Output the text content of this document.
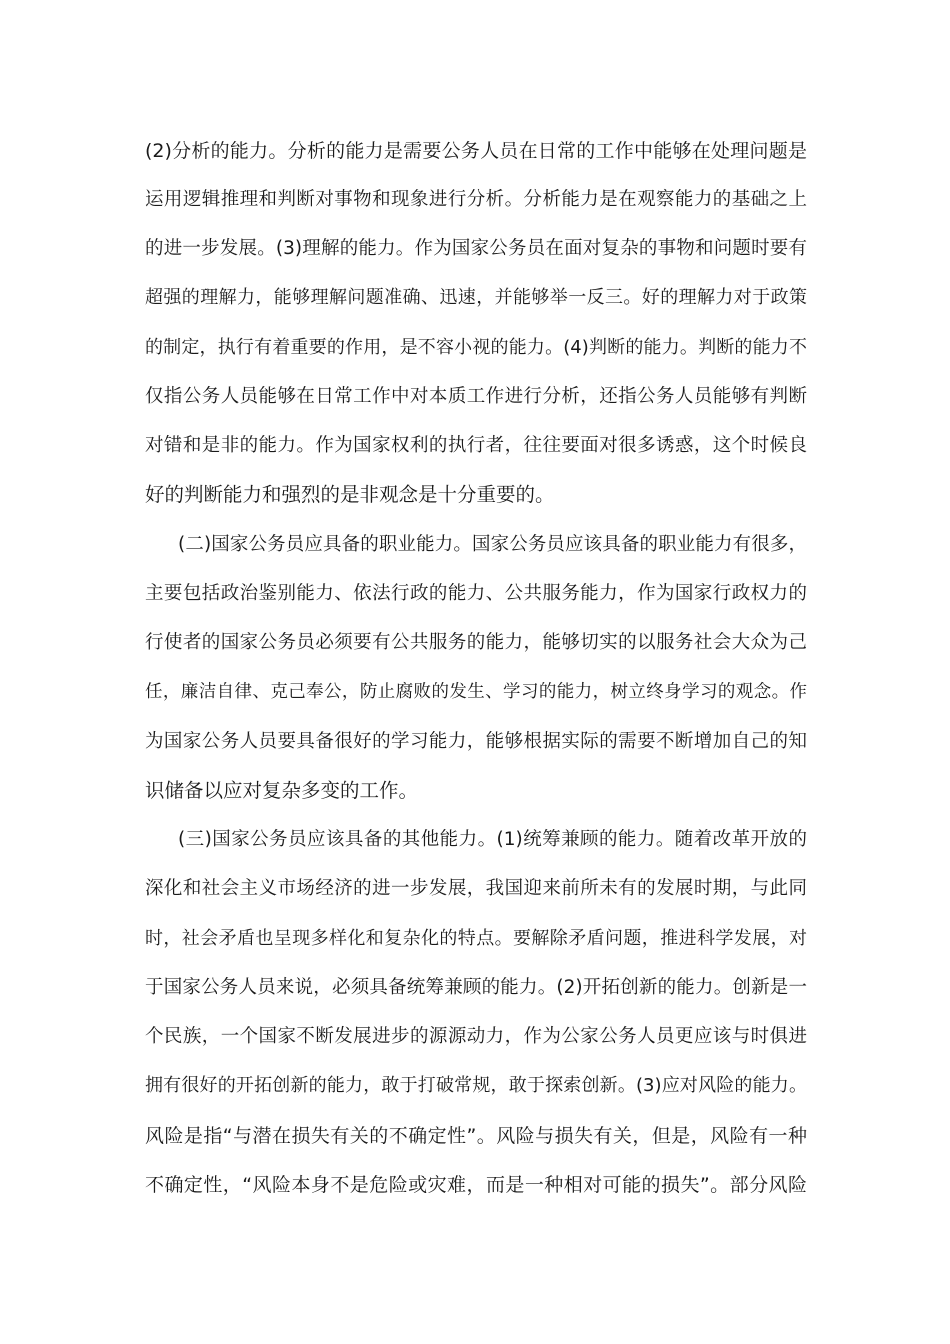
(2)分析的能力。分析的能力是需要公务人员在日常的工作中能够在处理问题是
运用逻辑推理和判断对事物和现象进行分析。分析能力是在观察能力的基础之上
的进一步发展。(3)理解的能力。作为国家公务员在面对复杂的事物和问题时要有
超强的理解力，能够理解问题准确、迅速，并能够举一反三。好的理解力对于政策
的制定，执行有着重要的作用，是不容小视的能力。(4)判断的能力。判断的能力不
仅指公务人员能够在日常工作中对本质工作进行分析，还指公务人员能够有判断
对错和是非的能力。作为国家权利的执行者，往往要面对很多诱惑，这个时候良
好的判断能力和强烈的是非观念是十分重要的。
(二)国家公务员应具备的职业能力。国家公务员应该具备的职业能力有很多，
主要包括政治鉴别能力、依法行政的能力、公共服务能力，作为国家行政权力的
行使者的国家公务员必须要有公共服务的能力，能够切实的以服务社会大众为己
任，廉洁自律、克己奉公，防止腐败的发生、学习的能力，树立终身学习的观念。作
为国家公务人员要具备很好的学习能力，能够根据实际的需要不断增加自己的知
识储备以应对复杂多变的工作。
(三)国家公务员应该具备的其他能力。(1)统筹兼顾的能力。随着改革开放的
深化和社会主义市场经济的进一步发展，我国迎来前所未有的发展时期，与此同
时，社会矛盾也呈现多样化和复杂化的特点。要解除矛盾问题，推进科学发展，对
于国家公务人员来说，必须具备统筹兼顾的能力。(2)开拓创新的能力。创新是一
个民族，一个国家不断发展进步的源源动力，作为公家公务人员更应该与时俱进
拥有很好的开拓创新的能力，敢于打破常规，敢于探索创新。(3)应对风险的能力。
风险是指“与潜在损失有关的不确定性”。风险与损失有关，但是，风险有一种
不确定性，“风险本身不是危险或灾难，而是一种相对可能的损失”。部分风险
